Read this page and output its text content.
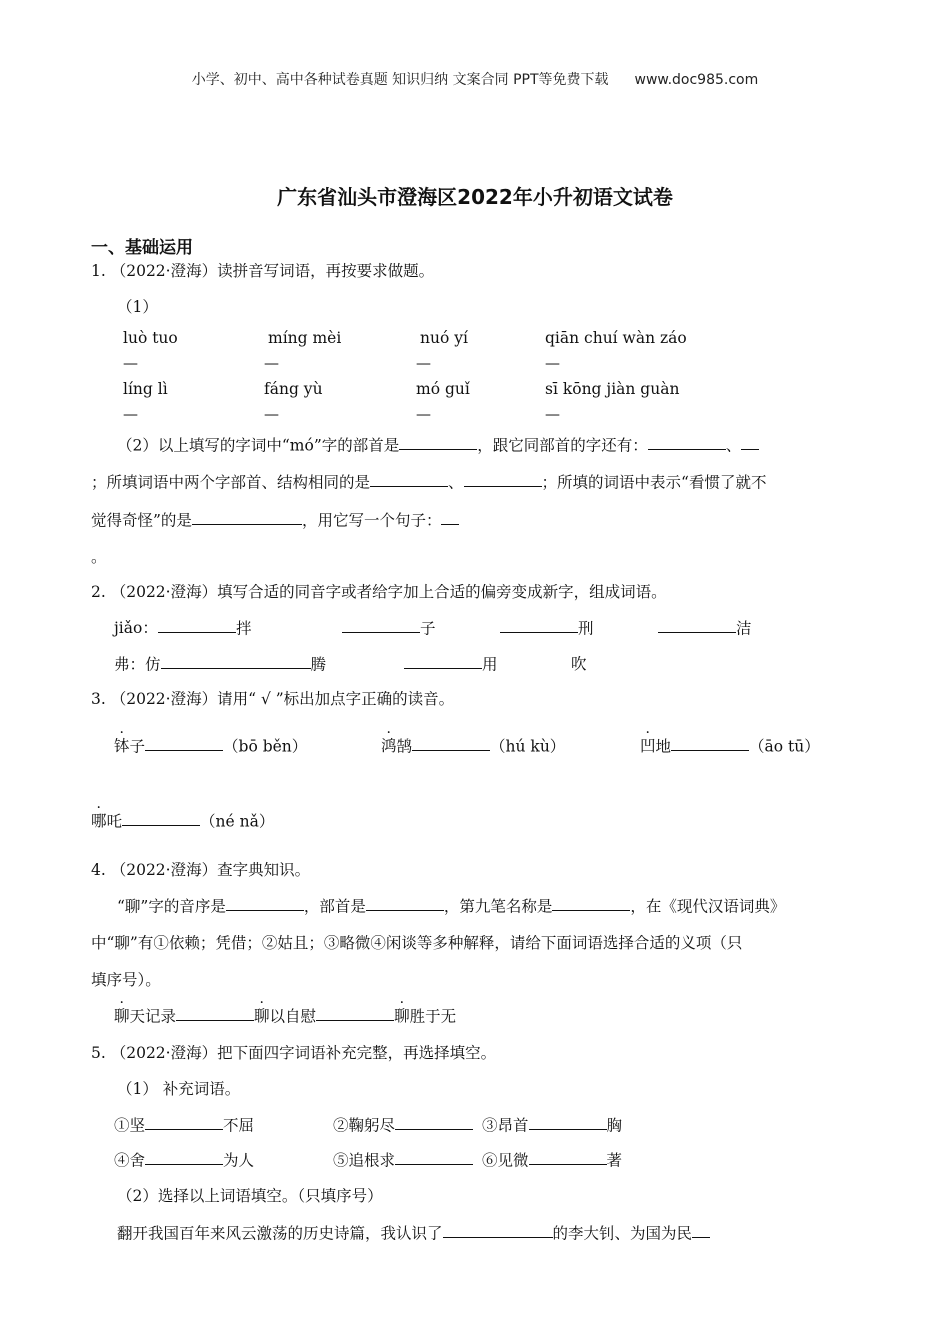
小学、初中、高中各种试卷真题 知识归纳 文案合同 PPT等免费下载 www.doc985.com
广东省汕头市澄海区2022年小升初语文试卷
一、基础运用
1. （2022·澄海）读拼音写词语，再按要求做题。
（1）
luò tuo	míng mèi	nuó yí	qiān chuí wàn záo
—	—	—	—
líng lì	fáng yù	mó guǐ	sī kōng jiàn guàn
—	—	—	—
（2）以上填写的字词中“mó”字的部首是	，跟它同部首的字还有：	、
；所填词语中两个字部首、结构相同的是	、	；所填的词语中表示“看惯了就不
觉得奇怪”的是	，用它写一个句子：
。
2. （2022·澄海）填写合适的同音字或者给字加上合适的偏旁变成新字，组成词语。
jiǎo：	拌	子	刑	洁
弗：仿	腾	用	吹
3. （2022·澄海）请用“ √ ”标出加点字正确的读音。
钵子	（bō běn）	鸿鹄	（hú kù）	凹地	（āo tū）
哪吒	（né nǎ）
4. （2022·澄海）查字典知识。
“聊”字的音序是	，部首是	，第九笔名称是	，在《现代汉语词典》
中“聊”有①依赖；凭借；②姑且；③略微④闲谈等多种解释，请给下面词语选择合适的义项（只
填序号）。
聊天记录	聊以自慰	聊胜于无
5. （2022·澄海）把下面四字词语补充完整，再选择填空。
（1） 补充词语。
①坚	不屈	②鞠躬尽	③昂首	胸
④舍	为人	⑤追根求	⑥见微	著
（2）选择以上词语填空。（只填序号）
翻开我国百年来风云激荡的历史诗篇，我认识了	的李大钊、为国为民
